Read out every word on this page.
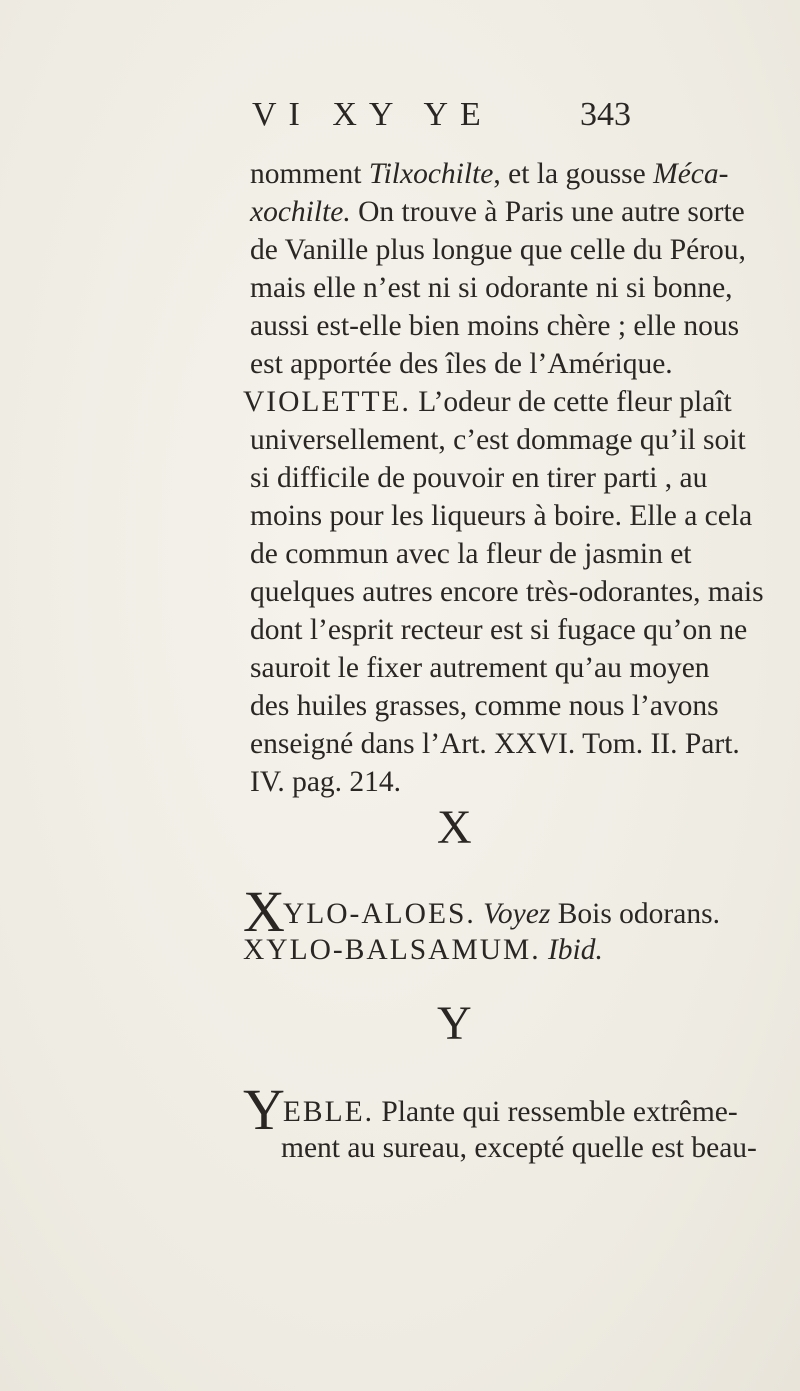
VI XY YE	343
nomment Tilxochilte, et la gousse Méca-
xochilte. On trouve à Paris une autre sorte
de Vanille plus longue que celle du Pérou,
mais elle n’est ni si odorante ni si bonne,
aussi est-elle bien moins chère ; elle nous
est apportée des îles de l’Amérique.
VIOLETTE. L’odeur de cette fleur plaît
universellement, c’est dommage qu’il soit
si difficile de pouvoir en tirer parti , au
moins pour les liqueurs à boire. Elle a cela
de commun avec la fleur de jasmin et
quelques autres encore très-odorantes, mais
dont l’esprit recteur est si fugace qu’on ne
sauroit le fixer autrement qu’au moyen
des huiles grasses, comme nous l’avons
enseigné dans l’Art. XXVI. Tom. II. Part.
IV. pag. 214.
X
XYLO-ALOES. Voyez Bois odorans.
XYLO-BALSAMUM. Ibid.
Y
YEBLE. Plante qui ressemble extrême-
ment au sureau, excepté quelle est beau-
